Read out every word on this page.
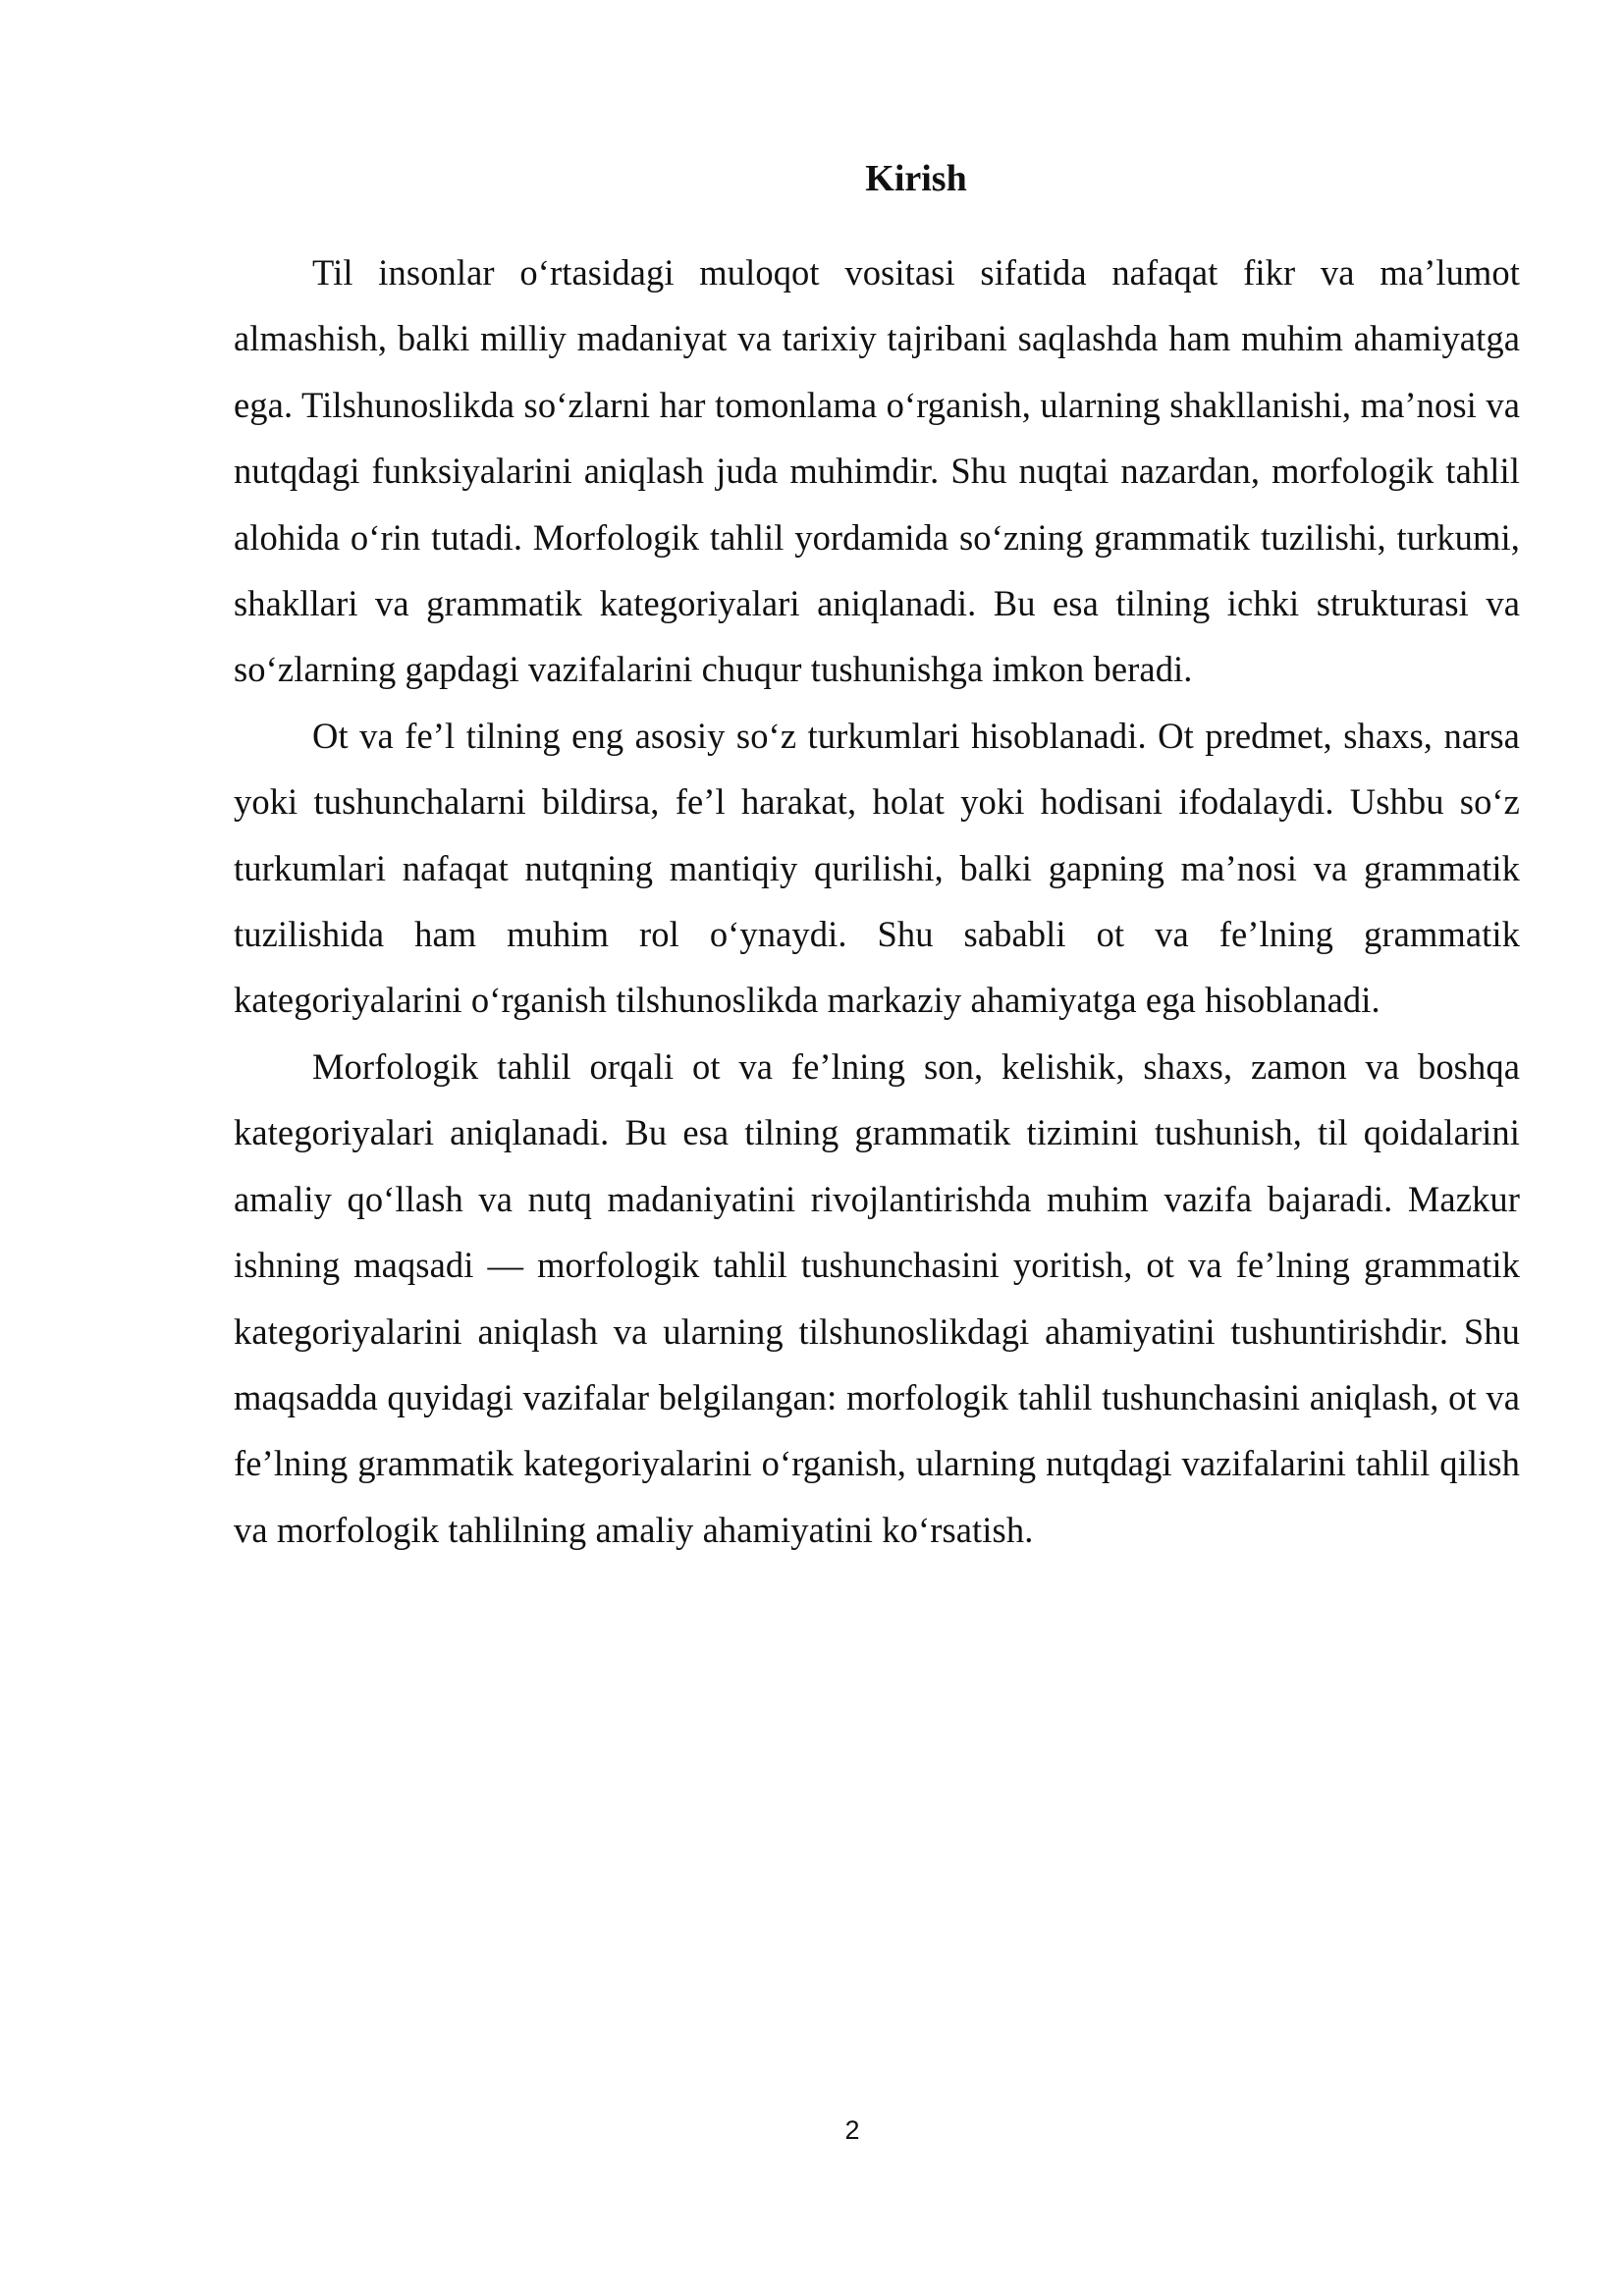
Kirish

Til insonlar o‘rtasidagi muloqot vositasi sifatida nafaqat fikr va ma’lumot almashish, balki milliy madaniyat va tarixiy tajribani saqlashda ham muhim ahamiyatga ega. Tilshunoslikda so‘zlarni har tomonlama o‘rganish, ularning shakllanishi, ma’nosi va nutqdagi funksiyalarini aniqlash juda muhimdir. Shu nuqtai nazardan, morfologik tahlil alohida o‘rin tutadi. Morfologik tahlil yordamida so‘zning grammatik tuzilishi, turkumi, shakllari va grammatik kategoriyalari aniqlanadi. Bu esa tilning ichki strukturasi va so‘zlarning gapdagi vazifalarini chuqur tushunishga imkon beradi.

Ot va fe’l tilning eng asosiy so‘z turkumlari hisoblanadi. Ot predmet, shaxs, narsa yoki tushunchalarni bildirsa, fe’l harakat, holat yoki hodisani ifodalaydi. Ushbu so‘z turkumlari nafaqat nutqning mantiqiy qurilishi, balki gapning ma’nosi va grammatik tuzilishida ham muhim rol o‘ynaydi. Shu sababli ot va fe’lning grammatik kategoriyalarini o‘rganish tilshunoslikda markaziy ahamiyatga ega hisoblanadi.

Morfologik tahlil orqali ot va fe’lning son, kelishik, shaxs, zamon va boshqa kategoriyalari aniqlanadi. Bu esa tilning grammatik tizimini tushunish, til qoidalarini amaliy qo‘llash va nutq madaniyatini rivojlantirishda muhim vazifa bajaradi. Mazkur ishning maqsadi — morfologik tahlil tushunchasini yoritish, ot va fe’lning grammatik kategoriyalarini aniqlash va ularning tilshunoslikdagi ahamiyatini tushuntirishdir. Shu maqsadda quyidagi vazifalar belgilangan: morfologik tahlil tushunchasini aniqlash, ot va fe’lning grammatik kategoriyalarini o‘rganish, ularning nutqdagi vazifalarini tahlil qilish va morfologik tahlilning amaliy ahamiyatini ko‘rsatish.

2
